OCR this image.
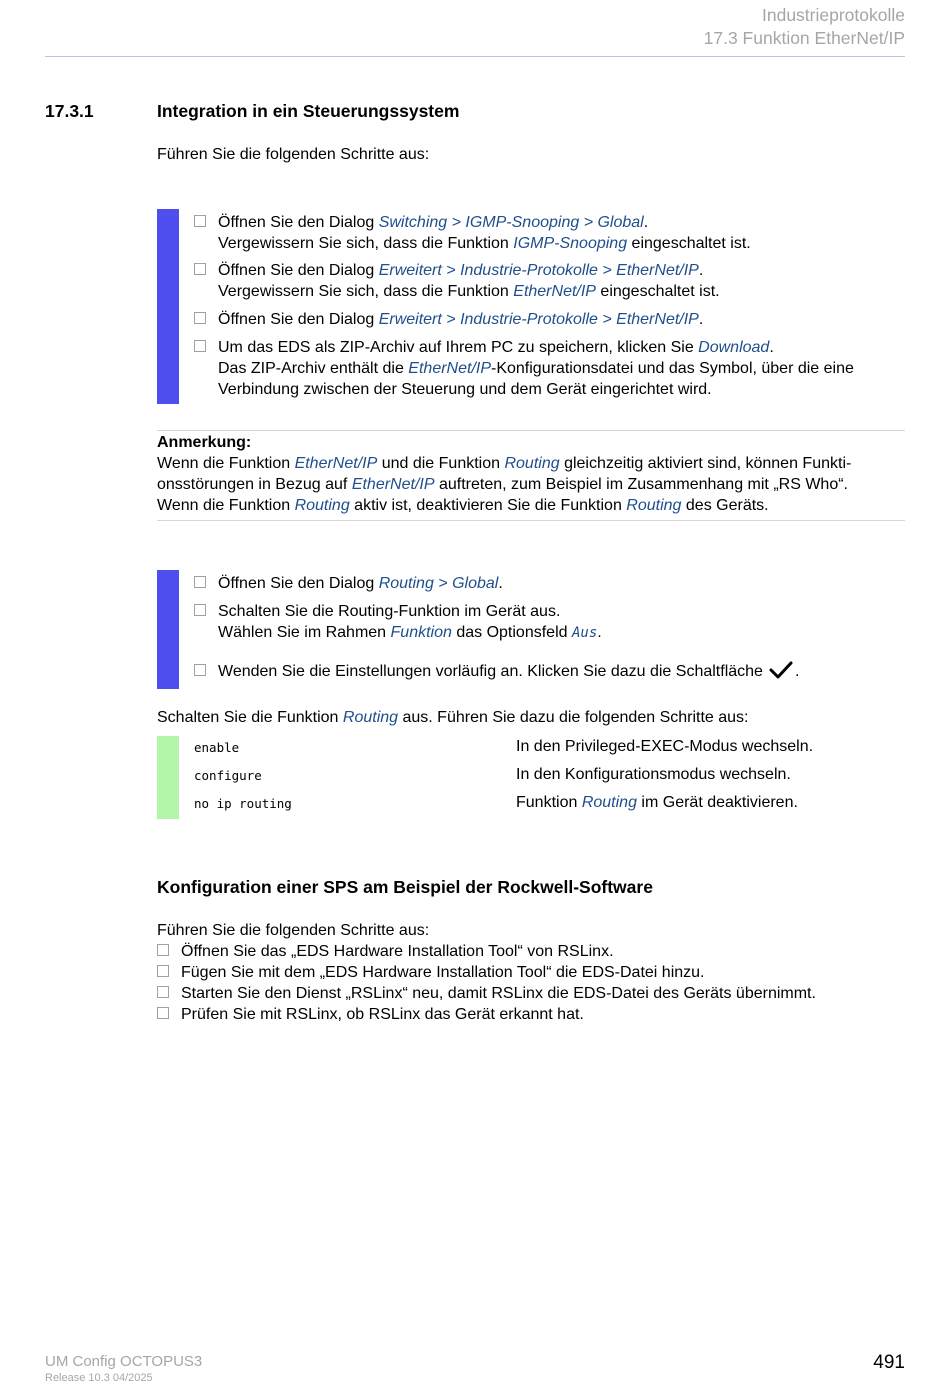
Industrieprotokolle
17.3 Funktion EtherNet/IP
17.3.1	Integration in ein Steuerungssystem
Führen Sie die folgenden Schritte aus:
Öffnen Sie den Dialog Switching > IGMP-Snooping > Global.
Vergewissern Sie sich, dass die Funktion IGMP-Snooping eingeschaltet ist.
Öffnen Sie den Dialog Erweitert > Industrie-Protokolle > EtherNet/IP.
Vergewissern Sie sich, dass die Funktion EtherNet/IP eingeschaltet ist.
Öffnen Sie den Dialog Erweitert > Industrie-Protokolle > EtherNet/IP.
Um das EDS als ZIP-Archiv auf Ihrem PC zu speichern, klicken Sie Download.
Das ZIP-Archiv enthält die EtherNet/IP-Konfigurationsdatei und das Symbol, über die eine
Verbindung zwischen der Steuerung und dem Gerät eingerichtet wird.
Anmerkung:
Wenn die Funktion EtherNet/IP und die Funktion Routing gleichzeitig aktiviert sind, können Funkti-
onsstörungen in Bezug auf EtherNet/IP auftreten, zum Beispiel im Zusammenhang mit „RS Who“.
Wenn die Funktion Routing aktiv ist, deaktivieren Sie die Funktion Routing des Geräts.
Öffnen Sie den Dialog Routing > Global.
Schalten Sie die Routing-Funktion im Gerät aus.
Wählen Sie im Rahmen Funktion das Optionsfeld Aus.
Wenden Sie die Einstellungen vorläufig an. Klicken Sie dazu die Schaltfläche .
Schalten Sie die Funktion Routing aus. Führen Sie dazu die folgenden Schritte aus:
enable	In den Privileged-EXEC-Modus wechseln.
configure	In den Konfigurationsmodus wechseln.
no ip routing	Funktion Routing im Gerät deaktivieren.
Konfiguration einer SPS am Beispiel der Rockwell-Software
Führen Sie die folgenden Schritte aus:
Öffnen Sie das „EDS Hardware Installation Tool“ von RSLinx.
Fügen Sie mit dem „EDS Hardware Installation Tool“ die EDS-Datei hinzu.
Starten Sie den Dienst „RSLinx“ neu, damit RSLinx die EDS-Datei des Geräts übernimmt.
Prüfen Sie mit RSLinx, ob RSLinx das Gerät erkannt hat.
UM Config OCTOPUS3
Release 10.3 04/2025
491
